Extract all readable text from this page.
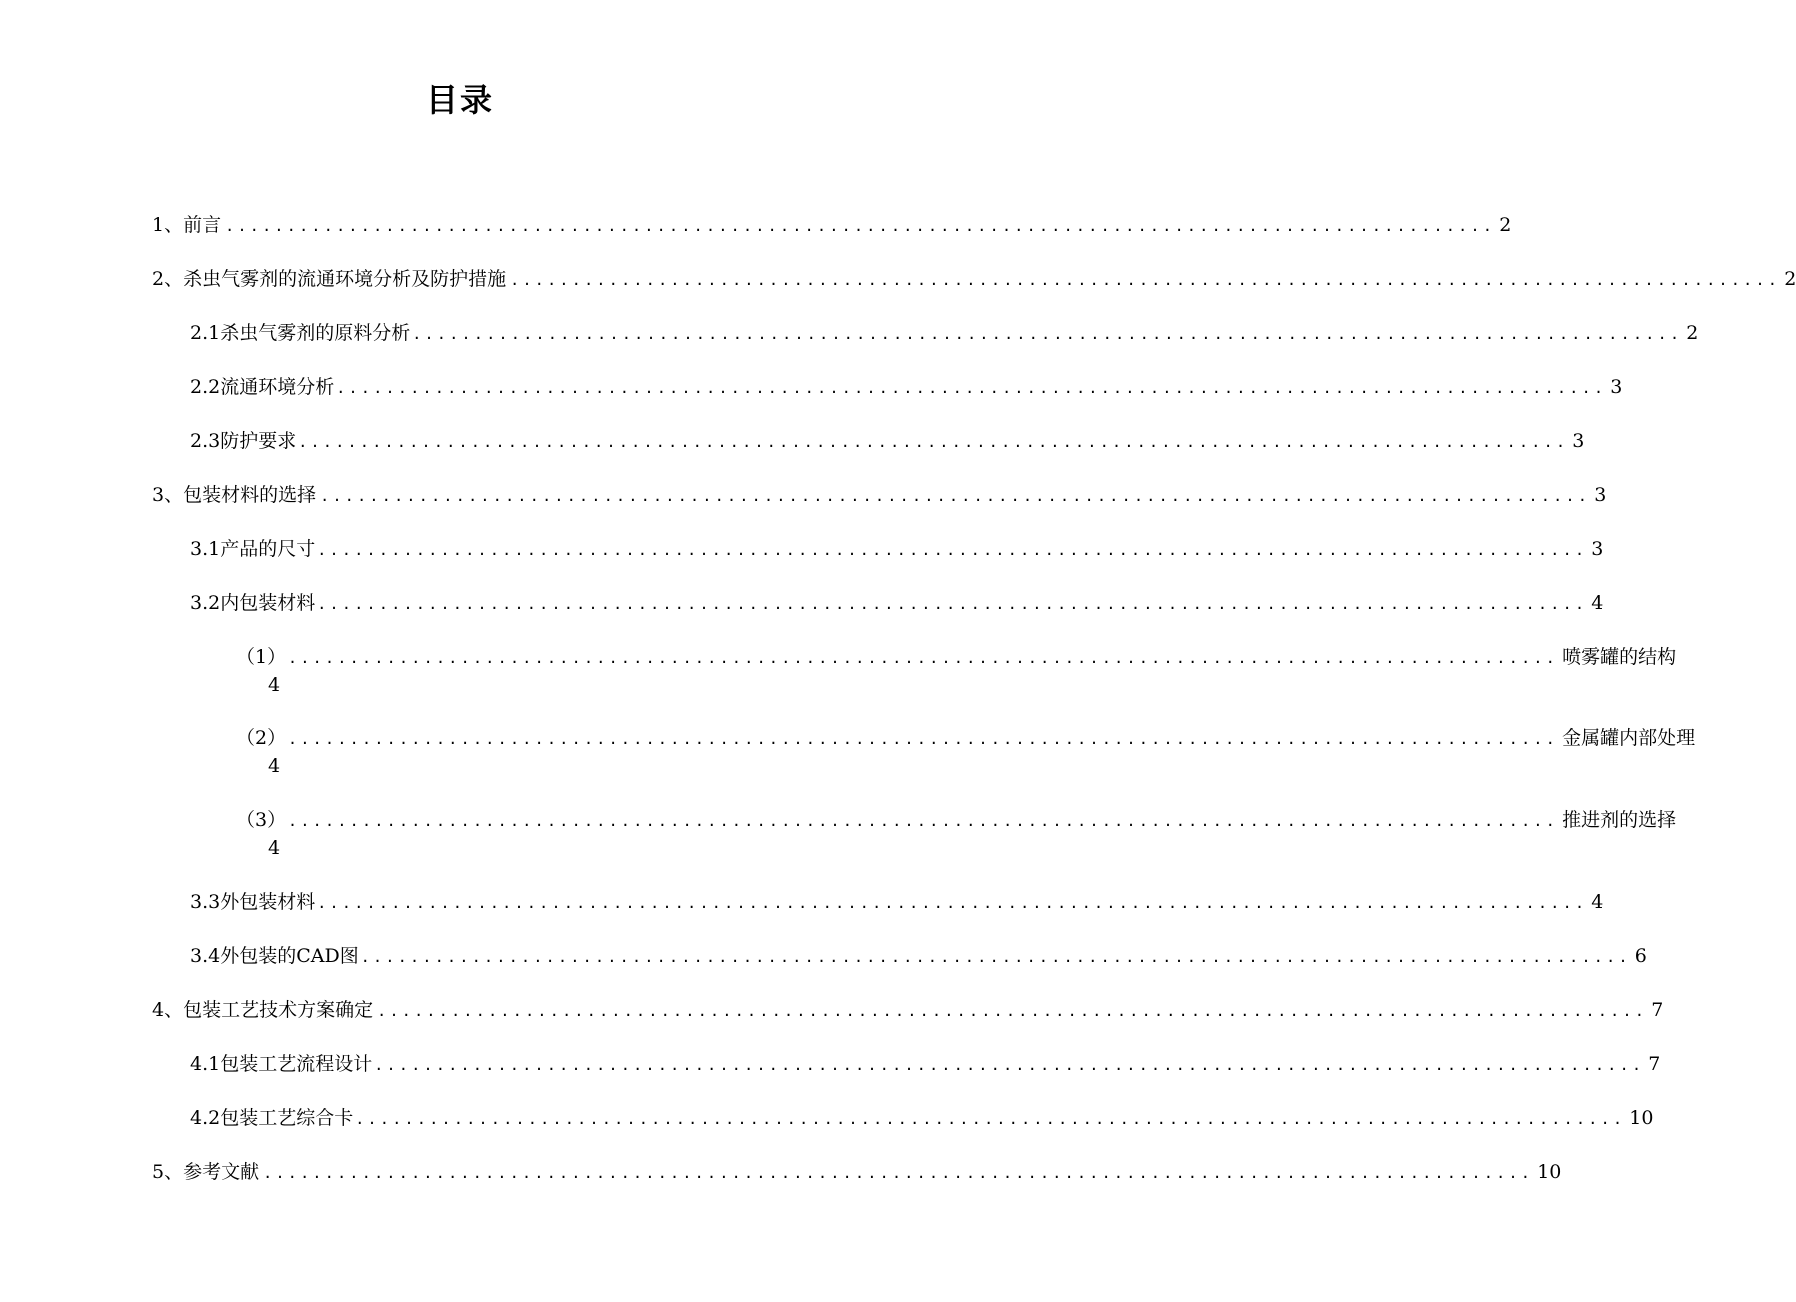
目录
1、 前言 ....................................................................................................... 2
2、 杀虫气雾剂的流通环境分析及防护措施 ....................................................................................................... 2
2.1杀虫气雾剂的原料分析 ....................................................................................................... 2
2.2流通环境分析 ....................................................................................................... 3
2.3防护要求 ....................................................................................................... 3
3、 包装材料的选择 ....................................................................................................... 3
3.1产品的尺寸 ....................................................................................................... 3
3.2内包装材料 ....................................................................................................... 4
（1） ....................................................................................................... 喷雾罐的结构
4
（2） ....................................................................................................... 金属罐内部处理
4
（3） ....................................................................................................... 推进剂的选择
4
3.3外包装材料 ....................................................................................................... 4
3.4外包装的CAD图 ....................................................................................................... 6
4、 包装工艺技术方案确定 ....................................................................................................... 7
4.1包装工艺流程设计 ....................................................................................................... 7
4.2包装工艺综合卡 ....................................................................................................... 10
5、 参考文献 ....................................................................................................... 10
